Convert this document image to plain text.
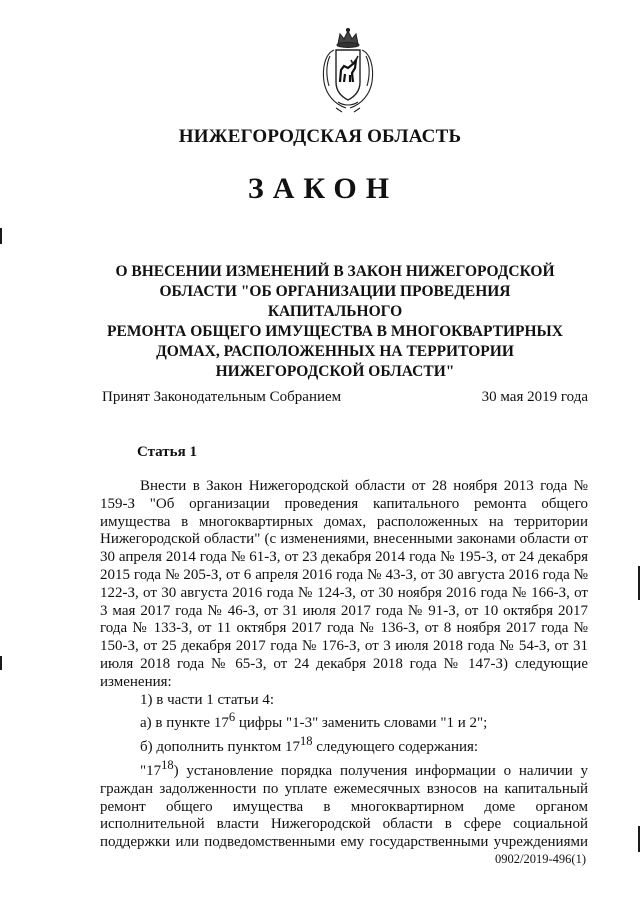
НИЖЕГОРОДСКАЯ ОБЛАСТЬ
ЗАКОН
О ВНЕСЕНИИ ИЗМЕНЕНИЙ В ЗАКОН НИЖЕГОРОДСКОЙ
ОБЛАСТИ "ОБ ОРГАНИЗАЦИИ ПРОВЕДЕНИЯ КАПИТАЛЬНОГО
РЕМОНТА ОБЩЕГО ИМУЩЕСТВА В МНОГОКВАРТИРНЫХ
ДОМАХ, РАСПОЛОЖЕННЫХ НА ТЕРРИТОРИИ
НИЖЕГОРОДСКОЙ ОБЛАСТИ"
Принят Законодательным Собранием	30 мая 2019 года
Статья 1

Внести в Закон Нижегородской области от 28 ноября 2013 года № 159-З "Об организации проведения капитального ремонта общего имущества в многоквартирных домах, расположенных на территории Нижегородской области" (с изменениями, внесенными законами области от 30 апреля 2014 года № 61-З, от 23 декабря 2014 года № 195-З, от 24 декабря 2015 года № 205-З, от 6 апреля 2016 года № 43-З, от 30 августа 2016 года № 122-З, от 30 августа 2016 года № 124-З, от 30 ноября 2016 года № 166-З, от 3 мая 2017 года № 46-З, от 31 июля 2017 года № 91-З, от 10 октября 2017 года № 133-З, от 11 октября 2017 года № 136-З, от 8 ноября 2017 года № 150-З, от 25 декабря 2017 года № 176-З, от 3 июля 2018 года № 54-З, от 31 июля 2018 года № 65-З, от 24 декабря 2018 года № 147-З) следующие изменения:

1) в части 1 статьи 4:

а) в пункте $17^6$ цифры "1-3" заменить словами "1 и 2";

б) дополнить пунктом $17^{18}$ следующего содержания:

"$17^{18}$) установление порядка получения информации о наличии у граждан задолженности по уплате ежемесячных взносов на капитальный ремонт общего имущества в многоквартирном доме органом исполнительной власти Нижегородской области в сфере социальной поддержки или подведомственными ему государственными учреждениями

0902/2019-496(1)
